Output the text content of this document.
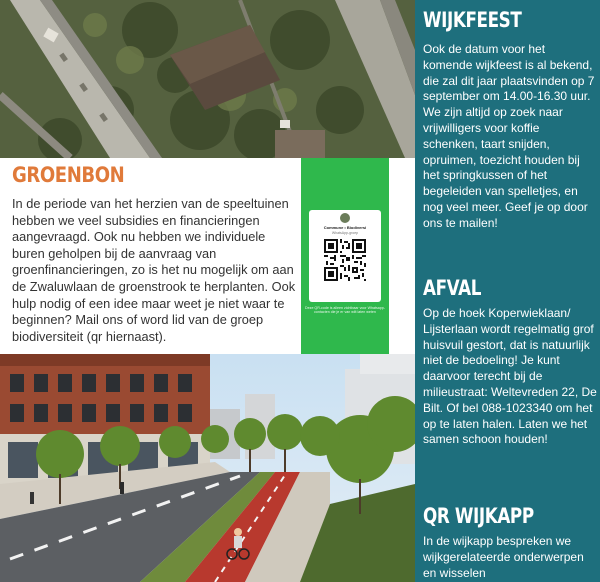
GROENBON

In de periode van het herzien van de speeltuinen hebben we veel subsidies en financieringen aangevraagd. Ook nu hebben we individuele buren geholpen bij de aanvraag van groenfinancieringen, zo is het nu mogelijk om aan de Zwaluwlaan de groenstrook te herplanten. Ook hulp nodig of een idee maar weet je niet waar te beginnen? Mail ons of word lid van de groep biodiversiteit (qr hiernaast).

Commune • Biodiversi
WhatsApp-groep
Deze QR-code is alleen zichtbaar voor Whatsapp-contacten die je er van wilt laten weten
WIJKFEEST

Ook de datum voor het komende wijkfeest is al bekend, die zal dit jaar plaatsvinden op 7 september om 14.00-16.30 uur. We zijn altijd op zoek naar vrijwilligers voor koffie schenken, taart snijden, opruimen, toezicht houden bij het springkussen of het begeleiden van spelletjes, en nog veel meer. Geef je op door ons te mailen!

AFVAL

Op de hoek Koperwieklaan/ Lijsterlaan wordt regelmatig grof huisvuil gestort, dat is natuurlijk niet de bedoeling! Je kunt daarvoor terecht bij de milieustraat: Weltevreden 22, De Bilt. Of bel 088-1023340 om het op te laten halen. Laten we het samen schoon houden!

QR WIJKAPP

In de wijkapp bespreken we wijkgerelateerde onderwerpen en wisselen
